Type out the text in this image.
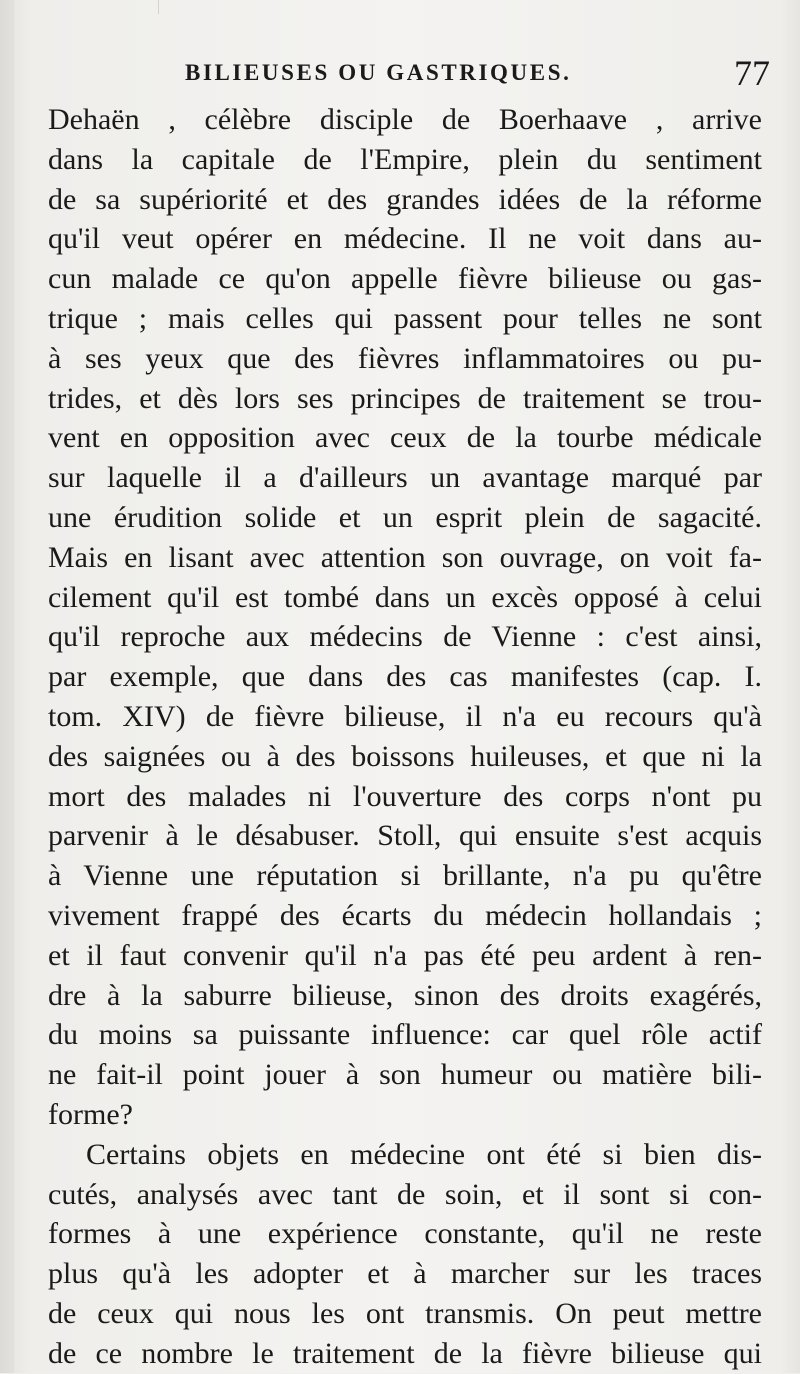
BILIEUSES OU GASTRIQUES.	77
Dehaën , célèbre disciple de Boerhaave , arrive
dans la capitale de l'Empire, plein du sentiment
de sa supériorité et des grandes idées de la réforme
qu'il veut opérer en médecine. Il ne voit dans au-
cun malade ce qu'on appelle fièvre bilieuse ou gas-
trique ; mais celles qui passent pour telles ne sont
à ses yeux que des fièvres inflammatoires ou pu-
trides, et dès lors ses principes de traitement se trou-
vent en opposition avec ceux de la tourbe médicale
sur laquelle il a d'ailleurs un avantage marqué par
une érudition solide et un esprit plein de sagacité.
Mais en lisant avec attention son ouvrage, on voit fa-
cilement qu'il est tombé dans un excès opposé à celui
qu'il reproche aux médecins de Vienne : c'est ainsi,
par exemple, que dans des cas manifestes (cap. I.
tom. XIV) de fièvre bilieuse, il n'a eu recours qu'à
des saignées ou à des boissons huileuses, et que ni la
mort des malades ni l'ouverture des corps n'ont pu
parvenir à le désabuser. Stoll, qui ensuite s'est acquis
à Vienne une réputation si brillante, n'a pu qu'être
vivement frappé des écarts du médecin hollandais ;
et il faut convenir qu'il n'a pas été peu ardent à ren-
dre à la saburre bilieuse, sinon des droits exagérés,
du moins sa puissante influence: car quel rôle actif
ne fait-il point jouer à son humeur ou matière bili-
forme?
Certains objets en médecine ont été si bien dis-
cutés, analysés avec tant de soin, et il sont si con-
formes à une expérience constante, qu'il ne reste
plus qu'à les adopter et à marcher sur les traces
de ceux qui nous les ont transmis. On peut mettre
de ce nombre le traitement de la fièvre bilieuse qui
